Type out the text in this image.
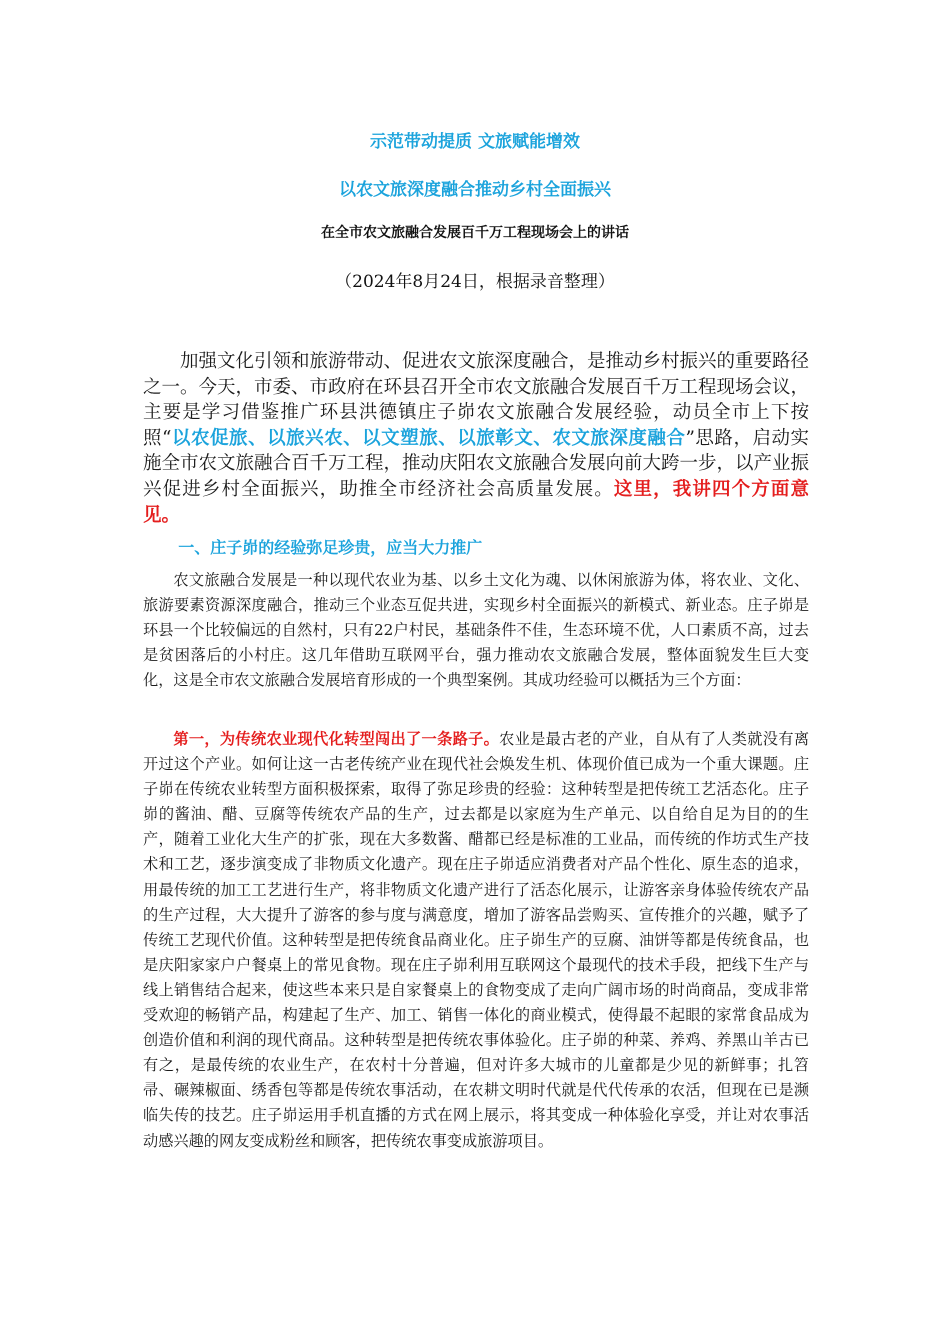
示范带动提质 文旅赋能增效
以农文旅深度融合推动乡村全面振兴
在全市农文旅融合发展百千万工程现场会上的讲话
（2024年8月24日，根据录音整理）

加强文化引领和旅游带动、促进农文旅深度融合，是推动乡村振兴的重要路径之一。今天，市委、市政府在环县召开全市农文旅融合发展百千万工程现场会议，主要是学习借鉴推广环县洪德镇庄子峁农文旅融合发展经验，动员全市上下按照“以农促旅、以旅兴农、以文塑旅、以旅彰文、农文旅深度融合”思路，启动实施全市农文旅融合百千万工程，推动庆阳农文旅融合发展向前大跨一步，以产业振兴促进乡村全面振兴，助推全市经济社会高质量发展。这里，我讲四个方面意见。

一、庄子峁的经验弥足珍贵，应当大力推广

农文旅融合发展是一种以现代农业为基、以乡土文化为魂、以休闲旅游为体，将农业、文化、旅游要素资源深度融合，推动三个业态互促共进，实现乡村全面振兴的新模式、新业态。庄子峁是环县一个比较偏远的自然村，只有22户村民，基础条件不佳，生态环境不优，人口素质不高，过去是贫困落后的小村庄。这几年借助互联网平台，强力推动农文旅融合发展，整体面貌发生巨大变化，这是全市农文旅融合发展培育形成的一个典型案例。其成功经验可以概括为三个方面：

第一，为传统农业现代化转型闯出了一条路子。农业是最古老的产业，自从有了人类就没有离开过这个产业。如何让这一古老传统产业在现代社会焕发生机、体现价值已成为一个重大课题。庄子峁在传统农业转型方面积极探索，取得了弥足珍贵的经验：这种转型是把传统工艺活态化。庄子峁的酱油、醋、豆腐等传统农产品的生产，过去都是以家庭为生产单元、以自给自足为目的的生产，随着工业化大生产的扩张，现在大多数酱、醋都已经是标准的工业品，而传统的作坊式生产技术和工艺，逐步演变成了非物质文化遗产。现在庄子峁适应消费者对产品个性化、原生态的追求，用最传统的加工工艺进行生产，将非物质文化遗产进行了活态化展示，让游客亲身体验传统农产品的生产过程，大大提升了游客的参与度与满意度，增加了游客品尝购买、宣传推介的兴趣，赋予了传统工艺现代价值。这种转型是把传统食品商业化。庄子峁生产的豆腐、油饼等都是传统食品，也是庆阳家家户户餐桌上的常见食物。现在庄子峁利用互联网这个最现代的技术手段，把线下生产与线上销售结合起来，使这些本来只是自家餐桌上的食物变成了走向广阔市场的时尚商品，变成非常受欢迎的畅销产品，构建起了生产、加工、销售一体化的商业模式，使得最不起眼的家常食品成为创造价值和利润的现代商品。这种转型是把传统农事体验化。庄子峁的种菜、养鸡、养黑山羊古已有之，是最传统的农业生产，在农村十分普遍，但对许多大城市的儿童都是少见的新鲜事；扎笤帚、碾辣椒面、绣香包等都是传统农事活动，在农耕文明时代就是代代传承的农活，但现在已是濒临失传的技艺。庄子峁运用手机直播的方式在网上展示，将其变成一种体验化享受，并让对农事活动感兴趣的网友变成粉丝和顾客，把传统农事变成旅游项目。
